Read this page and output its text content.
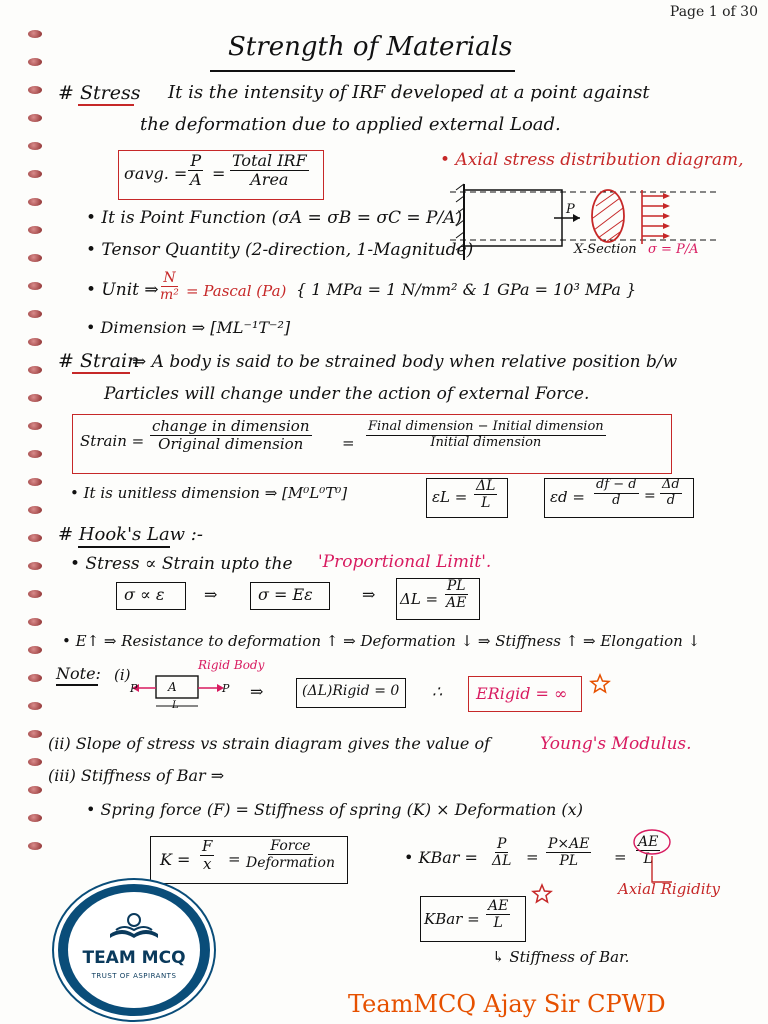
Page 1 of 30
Strength of Materials
# Stress It is the intensity of IRF developed at a point against
the deformation due to applied external Load.
σavg. = $\frac{P}{A}$ =
Total IRF
Area
• Axial stress distribution diagram,
P
X-Section σ = P/A
• It is Point Function (σA = σB = σC = P/A)
• Tensor Quantity (2-direction, 1-Magnitude)
• Unit ⇒ $\frac{N}{\text{m²}}$ = Pascal (Pa) { 1 MPa = 1 N/mm² & 1 GPa = 10³ MPa }
• Dimension ⇒ [ML⁻¹T⁻²]
# Strain
⇒ A body is said to be strained body when relative position b/w
Particles will change under the action of external Force.
Strain =
change in dimension
Original dimension	=
Final dimension − Initial dimension
Initial dimension
• It is unitless dimension ⇒ [M⁰L⁰T⁰]	$\varepsilon L = \frac{\Delta L}{L}$	$\varepsilon d = \frac{df - d}{d} = \frac{\Delta d}{d}$
# Hook's Law :-
• Stress ∝ Strain upto the 'Proportional Limit'.
σ ∝ ε ⇒	σ = Eε	⇒ $\Delta L = \frac{PL}{AE}$
• E↑ ⇒ Resistance to deformation ↑ ⇒ Deformation ↓ ⇒ Stiffness ↑ ⇒ Elongation ↓
Note: (i)
Rigid Body
P	A	P
L
⇒	(ΔL)Rigid = 0 ∴ ERigid = ∞
(ii) Slope of stress vs strain diagram gives the value of	Young's Modulus.
(iii) Stiffness of Bar ⇒
• Spring force (F) = Stiffness of spring (K) × Deformation (x)
$K = \frac{F}{x}$ =
Force
Deformation	• KBar = $\frac{P}{\Delta L} = \frac{P\times AE}{PL} = \frac{AE}{L}$
Axial Rigidity
KBar = $\frac{AE}{L}$
↳ Stiffness of Bar.
TEAM MCQ
TRUST OF ASPIRANTS
TeamMCQ Ajay Sir CPWD
